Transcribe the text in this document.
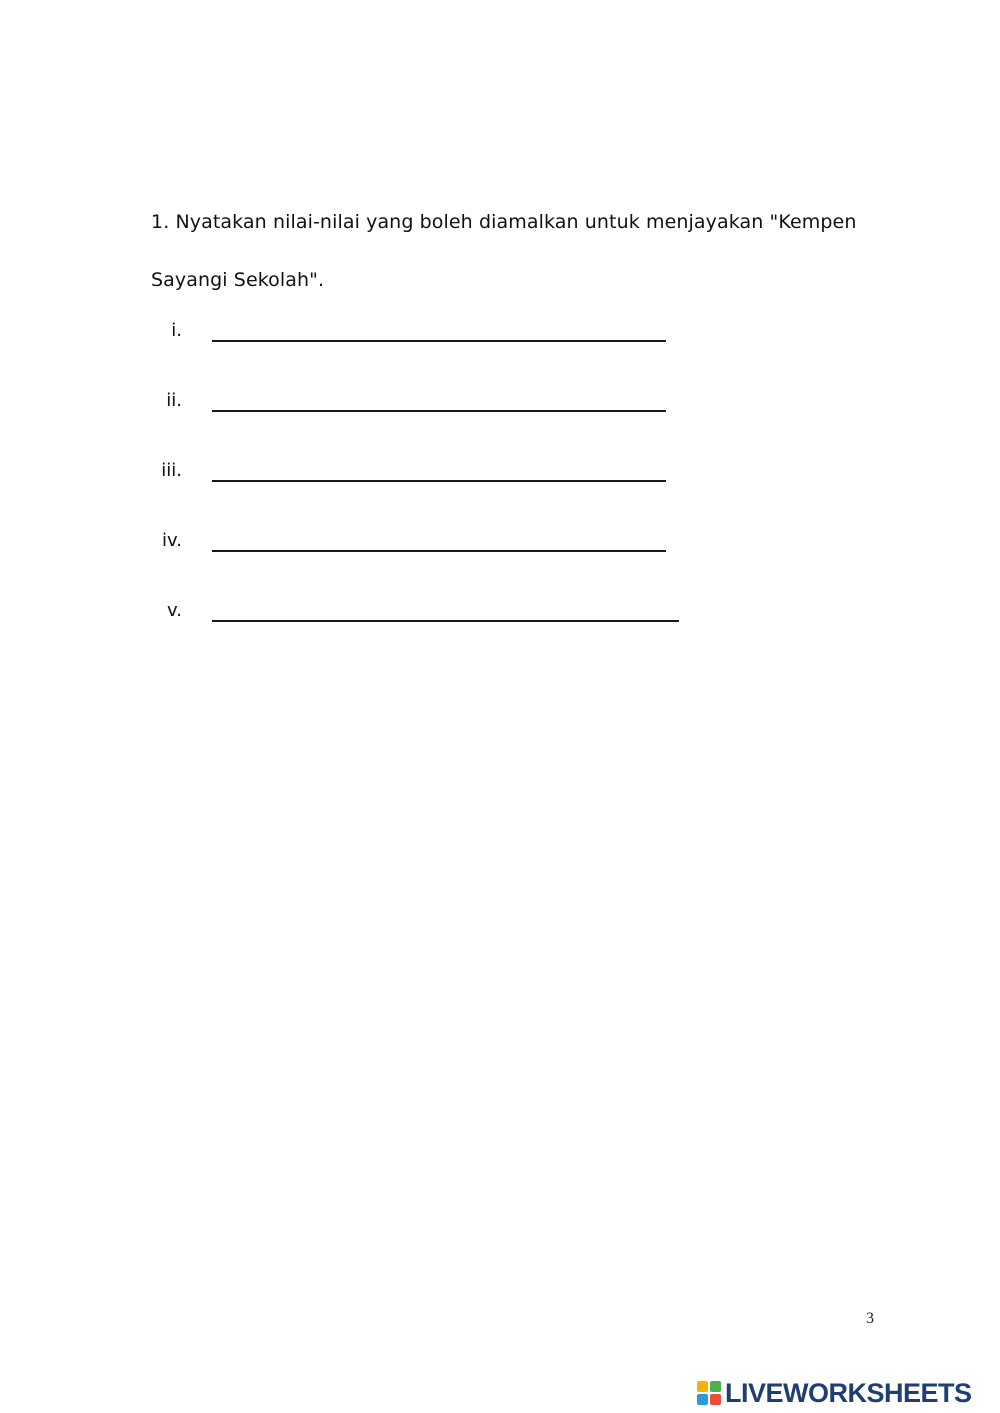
1. Nyatakan nilai-nilai yang boleh diamalkan untuk menjayakan "Kempen
Sayangi Sekolah".
i.
ii.
iii.
iv.
v.
3
LIVEWORKSHEETS
